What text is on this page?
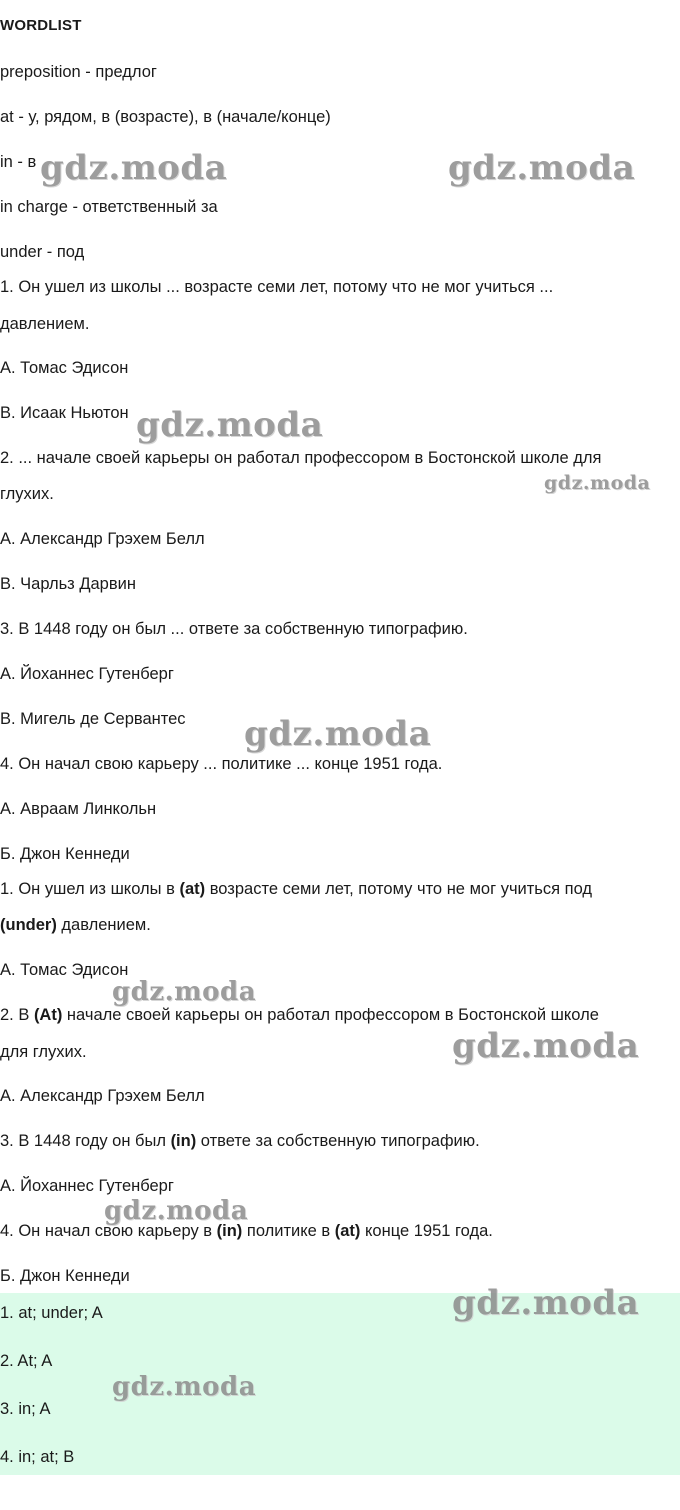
WORDLIST
preposition - предлог
at - у, рядом, в (возрасте), в (начале/конце)
in - в
in charge - ответственный за
under - под
1. Он ушел из школы ... возрасте семи лет, потому что не мог учиться ...
давлением.
A. Томас Эдисон
B. Исаак Ньютон
2. ... начале своей карьеры он работал профессором в Бостонской школе для
глухих.
A. Александр Грэхем Белл
B. Чарльз Дарвин
3. В 1448 году он был ... ответе за собственную типографию.
A. Йоханнес Гутенберг
B. Мигель де Сервантес
4. Он начал свою карьеру ... политике ... конце 1951 года.
A. Авраам Линкольн
Б. Джон Кеннеди
1. Он ушел из школы в (at) возрасте семи лет, потому что не мог учиться под
(under) давлением.
A. Томас Эдисон
2. В (At) начале своей карьеры он работал профессором в Бостонской школе
для глухих.
A. Александр Грэхем Белл
3. В 1448 году он был (in) ответе за собственную типографию.
A. Йоханнес Гутенберг
4. Он начал свою карьеру в (in) политике в (at) конце 1951 года.
Б. Джон Кеннеди
1. at; under; A
2. At; A
3. in; A
4. in; at; B
gdz.moda	gdz.moda
gdz.moda
gdz.moda
gdz.moda
gdz.moda
gdz.moda
gdz.moda
gdz.moda
gdz.moda
